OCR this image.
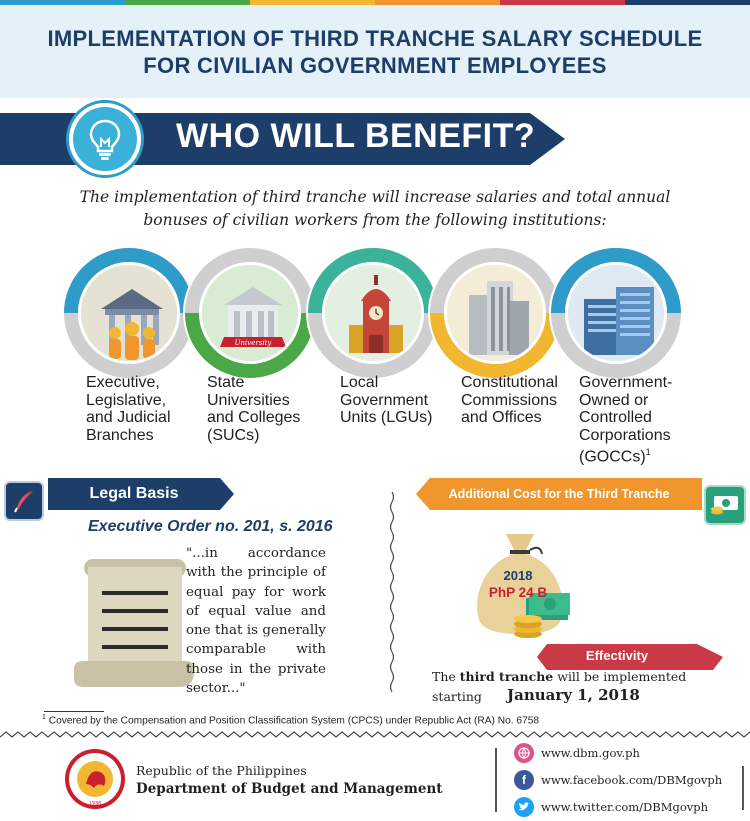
IMPLEMENTATION OF THIRD TRANCHE SALARY SCHEDULE
FOR CIVILIAN GOVERNMENT EMPLOYEES
WHO WILL BENEFIT?
The implementation of third tranche will increase salaries and total annual
bonuses of civilian workers from the following institutions:
University
Executive,
Legislative,
and Judicial
Branches
State
Universities
and Colleges
(SUCs)
Local
Government
Units (LGUs)
Constitutional
Commissions
and Offices
Government-
Owned or
Controlled
Corporations
(GOCCs)$^1$
Legal Basis
Executive Order no. 201, s. 2016
"...in accordance with the principle of equal pay for work of equal value and one that is generally comparable with those in the private sector..."
Additional Cost for the Third Tranche
2018
PhP 24 B
Effectivity
The third tranche will be implemented
starting January 1, 2018
$^1$ Covered by the Compensation and Position Classification System (CPCS) under Republic Act (RA) No. 6758
1936
Republic of the Philippines
Department of Budget and Management
www.dbm.gov.ph
f	www.facebook.com/DBMgovph
www.twitter.com/DBMgovph
